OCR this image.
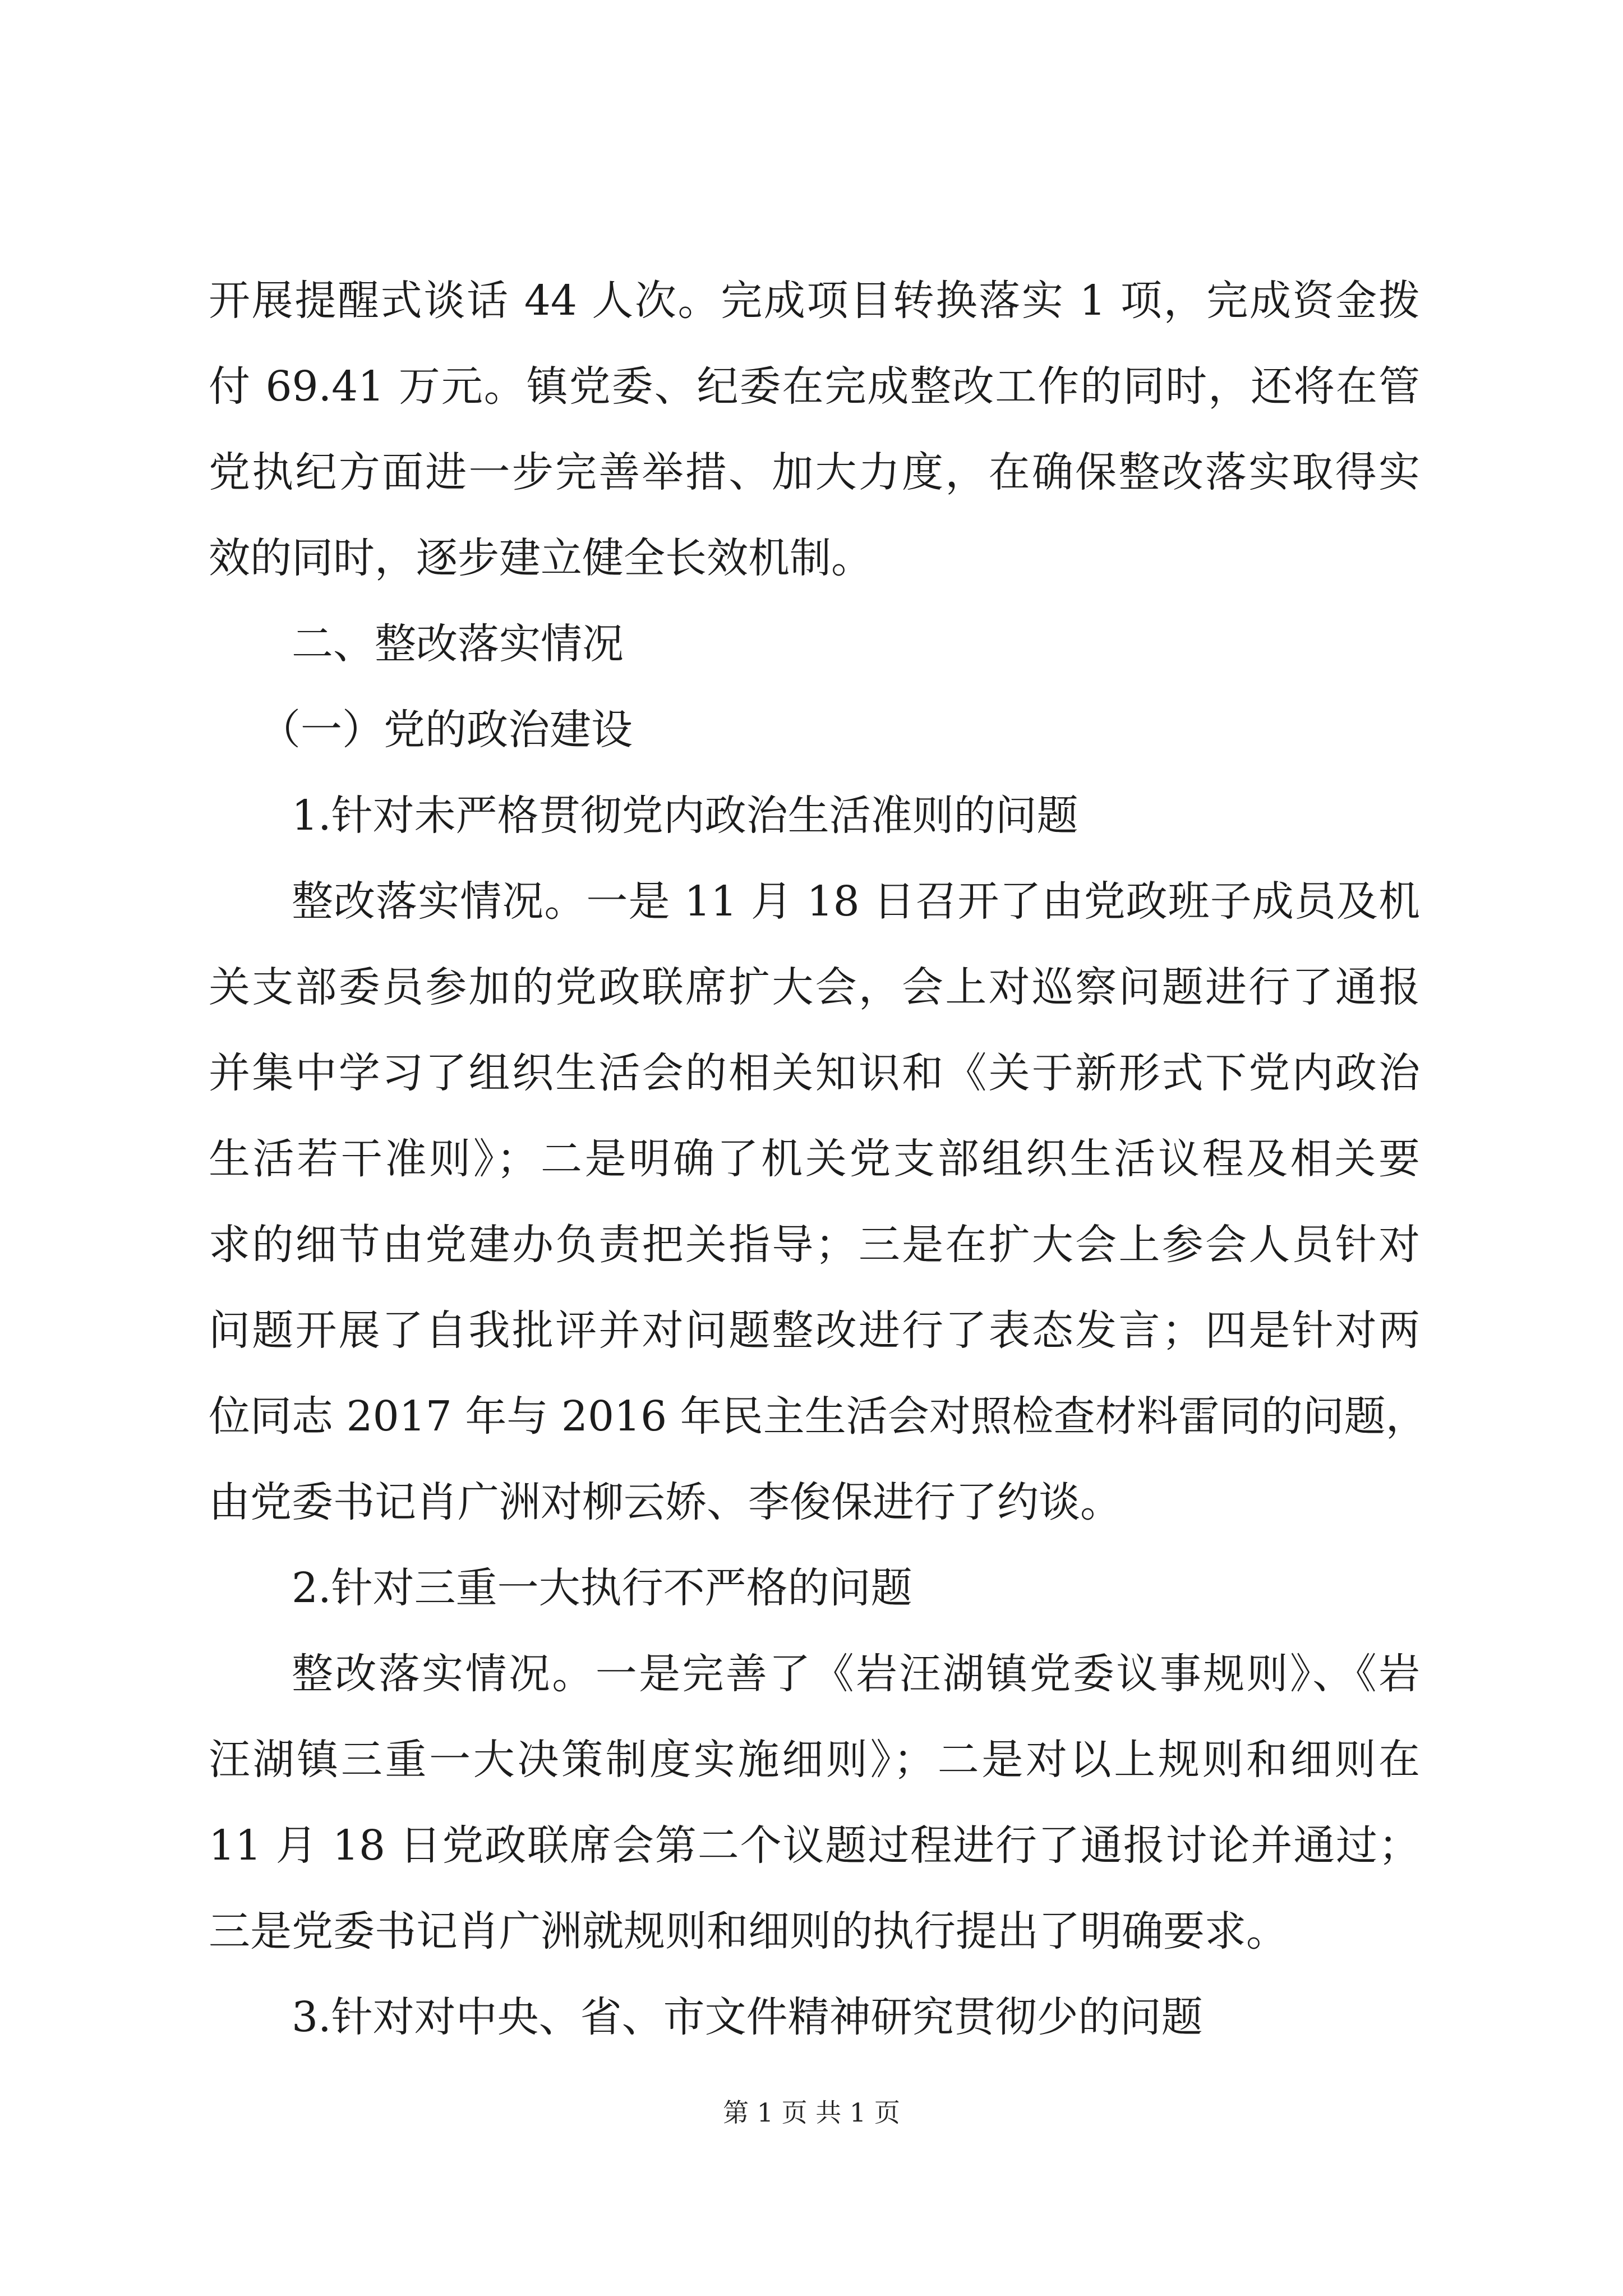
开展提醒式谈话 44 人次。完成项目转换落实 1 项，完成资金拨
付 69.41 万元。镇党委、纪委在完成整改工作的同时，还将在管
党执纪方面进一步完善举措、加大力度，在确保整改落实取得实
效的同时，逐步建立健全长效机制。
二、整改落实情况
（一）党的政治建设
1.针对未严格贯彻党内政治生活准则的问题
整改落实情况。一是 11 月 18 日召开了由党政班子成员及机
关支部委员参加的党政联席扩大会，会上对巡察问题进行了通报
并集中学习了组织生活会的相关知识和《关于新形式下党内政治
生活若干准则》；二是明确了机关党支部组织生活议程及相关要
求的细节由党建办负责把关指导；三是在扩大会上参会人员针对
问题开展了自我批评并对问题整改进行了表态发言；四是针对两
位同志 2017 年与 2016 年民主生活会对照检查材料雷同的问题，
由党委书记肖广洲对柳云娇、李俊保进行了约谈。
2.针对三重一大执行不严格的问题
整改落实情况。一是完善了《岩汪湖镇党委议事规则》、《岩
汪湖镇三重一大决策制度实施细则》；二是对以上规则和细则在
11 月 18 日党政联席会第二个议题过程进行了通报讨论并通过；
三是党委书记肖广洲就规则和细则的执行提出了明确要求。
3.针对对中央、省、市文件精神研究贯彻少的问题
第 1 页 共 1 页
